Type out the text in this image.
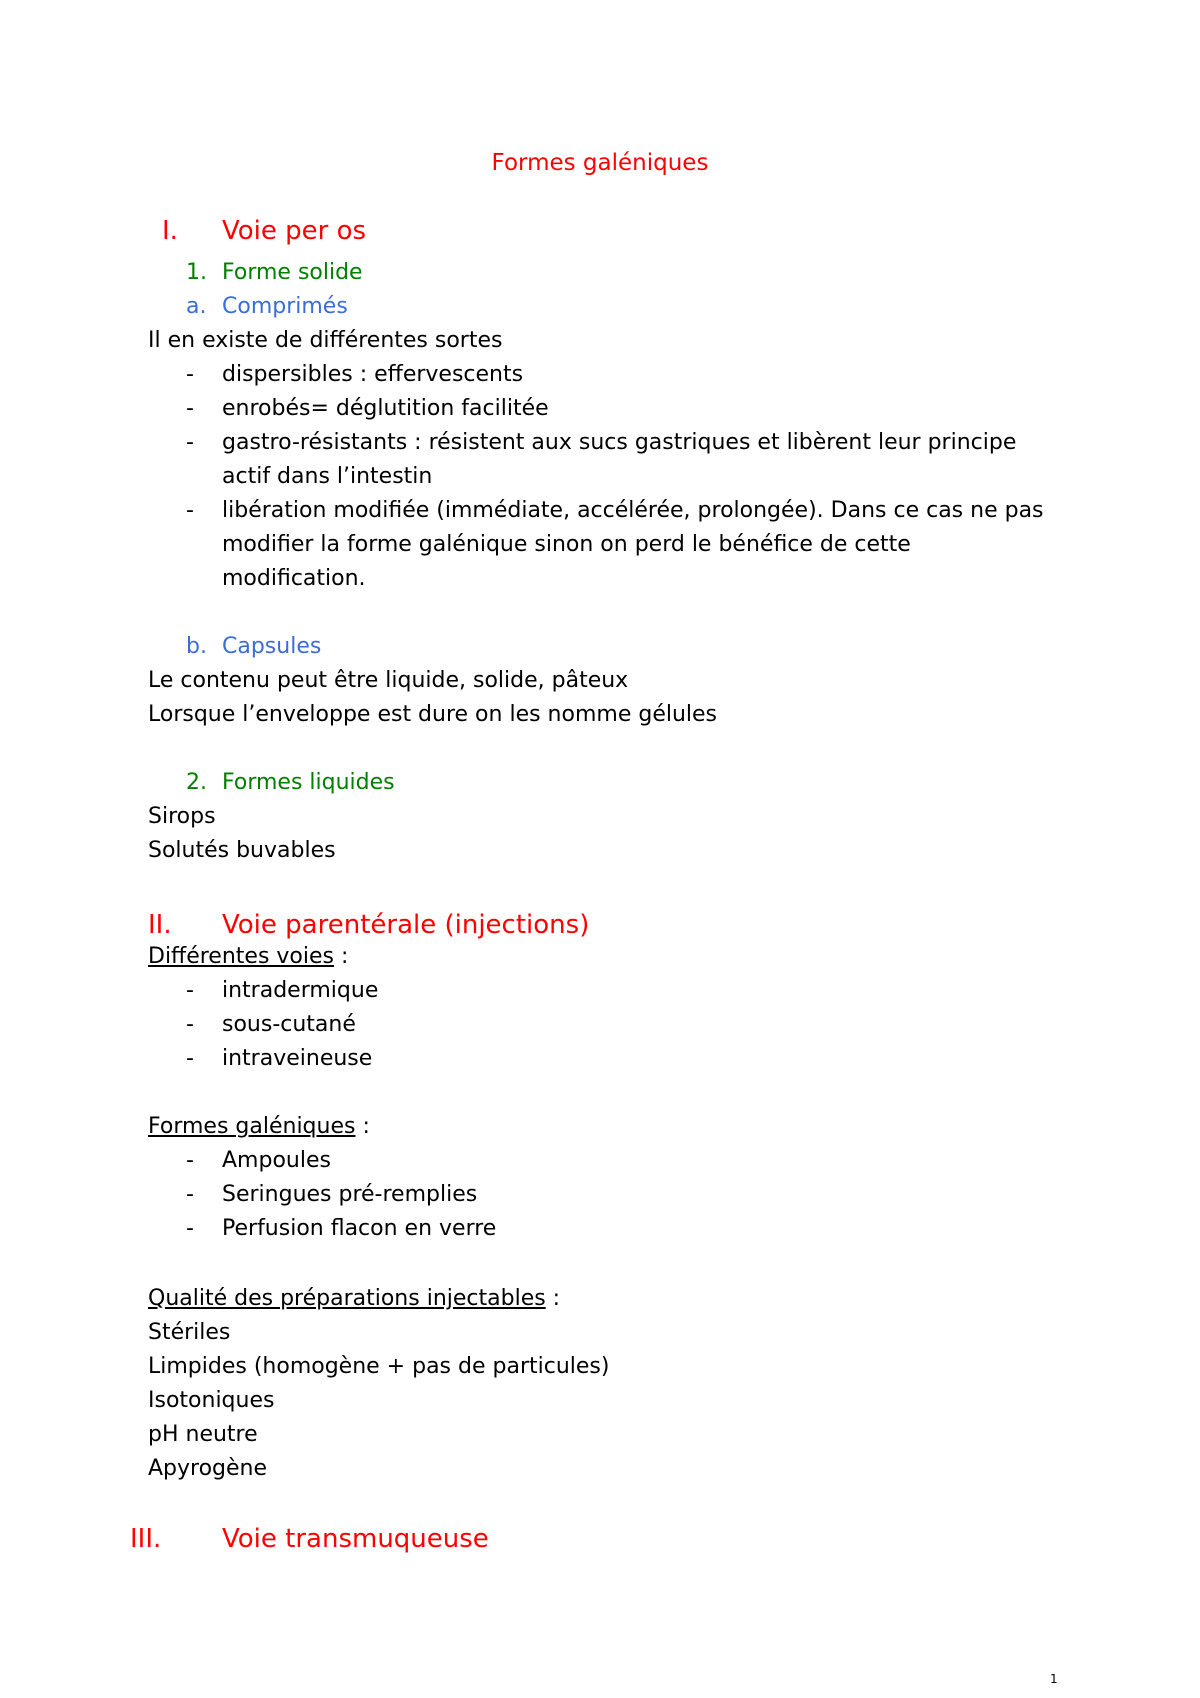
Formes galéniques
I. Voie per os
1. Forme solide
a. Comprimés
Il en existe de différentes sortes
- dispersibles : effervescents
- enrobés= déglutition facilitée
- gastro-résistants : résistent aux sucs gastriques et libèrent leur principe
actif dans l’intestin
- libération modifiée (immédiate, accélérée, prolongée). Dans ce cas ne pas
modifier la forme galénique sinon on perd le bénéfice de cette
modification.
b. Capsules
Le contenu peut être liquide, solide, pâteux
Lorsque l’enveloppe est dure on les nomme gélules
2. Formes liquides
Sirops
Solutés buvables
II. Voie parentérale (injections)
Différentes voies :
- intradermique
- sous-cutané
- intraveineuse
Formes galéniques :
- Ampoules
- Seringues pré-remplies
- Perfusion flacon en verre
Qualité des préparations injectables :
Stériles
Limpides (homogène + pas de particules)
Isotoniques
pH neutre
Apyrogène
III. Voie transmuqueuse
1
